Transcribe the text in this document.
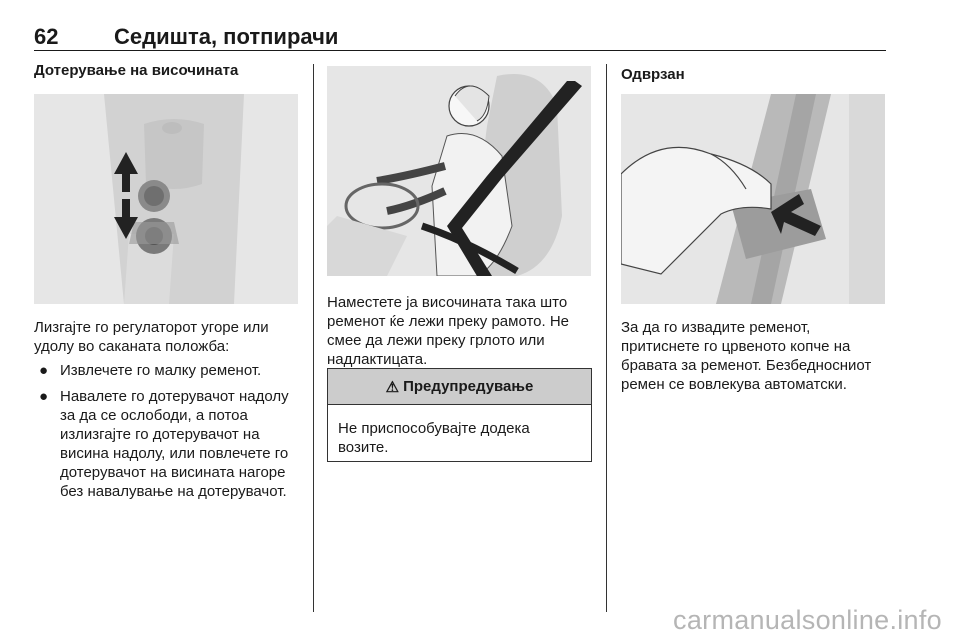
62	Седишта, потпирачи
Дотерување на височината

Лизгајте го регулаторот угоре или удолу во саканата положба:

● Извлечете го малку ременот.
● Навалете го дотерувачот надолу за да се ослободи, а потоа излизгајте го дотерувачот на висина надолу, или повлечете го дотерувачот на висината нагоре без навалување на дотерувачот.

Наместете ја височината така што ременот ќе лежи преку рамото. Не смее да лежи преку грлото или надлактицата.

⚠ Предупредување
Не приспособувајте додека возите.
Одврзан

За да го извадите ременот, притиснете го црвеното копче на бравата за ремeнот. Безбедносниот ремен се вовлекува автоматски.

carmanualsonline.info
